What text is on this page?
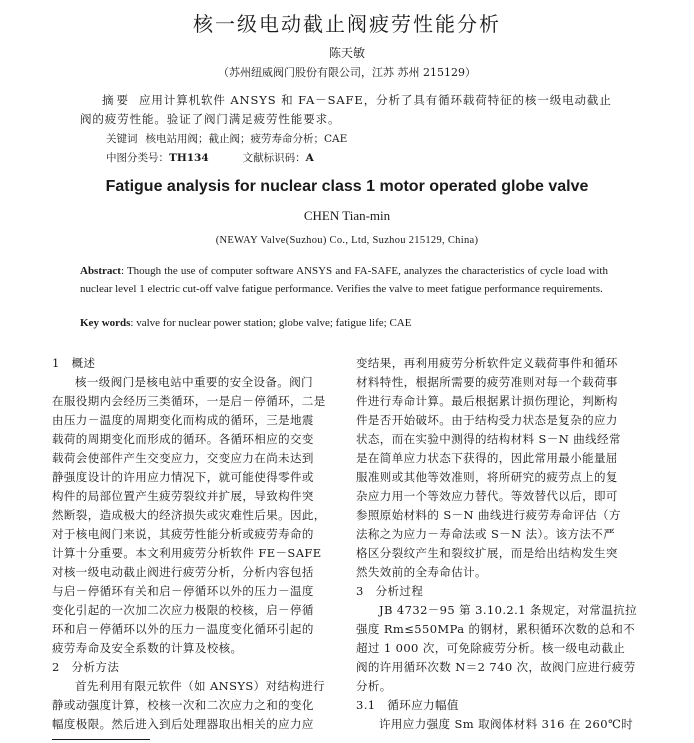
核一级电动截止阀疲劳性能分析
陈天敏
（苏州纽威阀门股份有限公司，江苏 苏州 215129）
摘要 应用计算机软件 ANSYS 和 FA－SAFE，分析了具有循环载荷特征的核一级电动截止阀的疲劳性能。验证了阀门满足疲劳性能要求。
关键词 核电站用阀；截止阀；疲劳寿命分析；CAE
中图分类号：TH134	文献标识码：A
Fatigue analysis for nuclear class 1 motor operated globe valve
CHEN Tian-min
(NEWAY Valve(Suzhou) Co., Ltd, Suzhou 215129, China)
Abstract: Though the use of computer software ANSYS and FA-SAFE, analyzes the characteristics of cycle load with nuclear level 1 electric cut-off valve fatigue performance. Verifies the valve to meet fatigue performance requirements.
Key words: valve for nuclear power station; globe valve; fatigue life; CAE
1　概述
核一级阀门是核电站中重要的安全设备。阀门
在服役期内会经历三类循环，一是启－停循环，二是
由压力－温度的周期变化而构成的循环，三是地震
载荷的周期变化而形成的循环。各循环相应的交变
载荷会使部件产生交变应力，交变应力在尚未达到
静强度设计的许用应力情况下，就可能使得零件或
构件的局部位置产生疲劳裂纹并扩展，导致构件突
然断裂，造成极大的经济损失或灾难性后果。因此，
对于核电阀门来说，其疲劳性能分析或疲劳寿命的
计算十分重要。本文利用疲劳分析软件 FE－SAFE
对核一级电动截止阀进行疲劳分析，分析内容包括
与启－停循环有关和启－停循环以外的压力－温度
变化引起的一次加二次应力极限的校核，启－停循
环和启－停循环以外的压力－温度变化循环引起的
疲劳寿命及安全系数的计算及校核。
2　分析方法
首先利用有限元软件（如 ANSYS）对结构进行
静或动强度计算，校核一次和二次应力之和的变化
幅度极限。然后进入到后处理器取出相关的应力应
变结果，再利用疲劳分析软件定义载荷事件和循环
材料特性，根据所需要的疲劳准则对每一个载荷事
件进行寿命计算。最后根据累计损伤理论，判断构
件是否开始破坏。由于结构受力状态是复杂的应力
状态，而在实验中测得的结构材料 S－N 曲线经常
是在简单应力状态下获得的，因此常用最小能量屈
服准则或其他等效准则，将所研究的疲劳点上的复
杂应力用一个等效应力替代。等效替代以后，即可
参照原始材料的 S－N 曲线进行疲劳寿命评估（方
法称之为应力－寿命法或 S－N 法）。该方法不严
格区分裂纹产生和裂纹扩展，而是给出结构发生突
然失效前的全寿命估计。
3　分析过程
JB 4732－95 第 3.10.2.1 条规定，对常温抗拉
强度 Rm≤550MPa 的钢材，累积循环次数的总和不
超过 1 000 次，可免除疲劳分析。核一级电动截止
阀的许用循环次数 N＝2 740 次，故阀门应进行疲劳
分析。
3.1　循环应力幅值
许用应力强度 Sm 取阀体材料 316 在 260℃时
